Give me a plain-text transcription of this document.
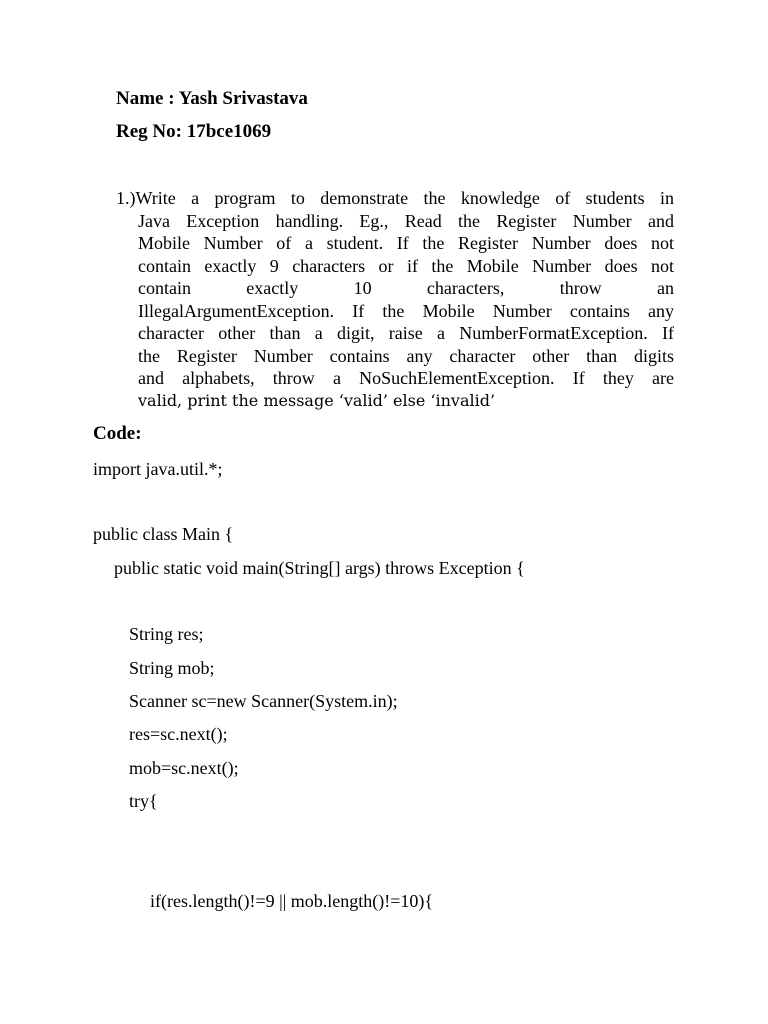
Name : Yash Srivastava
Reg No: 17bce1069
1.)Write a program to demonstrate the knowledge of students in
Java Exception handling. Eg., Read the Register Number and
Mobile Number of a student. If the Register Number does not
contain exactly 9 characters or if the Mobile Number does not
contain exactly 10 characters, throw an
IllegalArgumentException. If the Mobile Number contains any
character other than a digit, raise a NumberFormatException. If
the Register Number contains any character other than digits
and alphabets, throw a NoSuchElementException. If they are
valid, print the message ‘valid’ else ‘invalid’
Code:
import java.util.*;
public class Main {
public static void main(String[] args) throws Exception {
String res;
String mob;
Scanner sc=new Scanner(System.in);
res=sc.next();
mob=sc.next();
try{
if(res.length()!=9 || mob.length()!=10){
